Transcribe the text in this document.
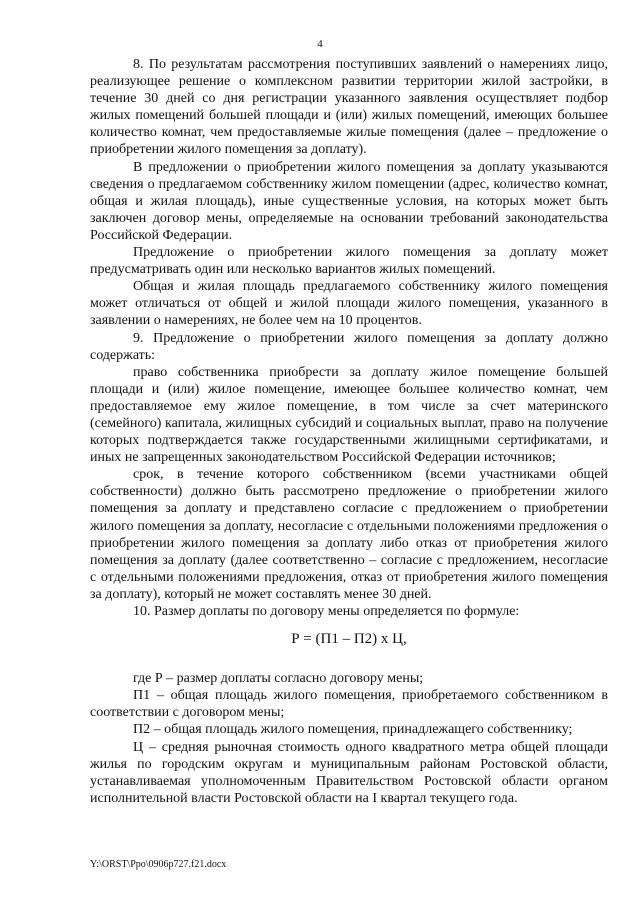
4

8. По результатам рассмотрения поступивших заявлений о намерениях лицо, реализующее решение о комплексном развитии территории жилой застройки, в течение 30 дней со дня регистрации указанного заявления осуществляет подбор жилых помещений большей площади и (или) жилых помещений, имеющих большее количество комнат, чем предоставляемые жилые помещения (далее – предложение о приобретении жилого помещения за доплату).

В предложении о приобретении жилого помещения за доплату указываются сведения о предлагаемом собственнику жилом помещении (адрес, количество комнат, общая и жилая площадь), иные существенные условия, на которых может быть заключен договор мены, определяемые на основании требований законодательства Российской Федерации.

Предложение о приобретении жилого помещения за доплату может предусматривать один или несколько вариантов жилых помещений.

Общая и жилая площадь предлагаемого собственнику жилого помещения может отличаться от общей и жилой площади жилого помещения, указанного в заявлении о намерениях, не более чем на 10 процентов.

9. Предложение о приобретении жилого помещения за доплату должно содержать:

право собственника приобрести за доплату жилое помещение большей площади и (или) жилое помещение, имеющее большее количество комнат, чем предоставляемое ему жилое помещение, в том числе за счет материнского (семейного) капитала, жилищных субсидий и социальных выплат, право на получение которых подтверждается также государственными жилищными сертификатами, и иных не запрещенных законодательством Российской Федерации источников;

срок, в течение которого собственником (всеми участниками общей собственности) должно быть рассмотрено предложение о приобретении жилого помещения за доплату и представлено согласие с предложением о приобретении жилого помещения за доплату, несогласие с отдельными положениями предложения о приобретении жилого помещения за доплату либо отказ от приобретения жилого помещения за доплату (далее соответственно – согласие с предложением, несогласие с отдельными положениями предложения, отказ от приобретения жилого помещения за доплату), который не может составлять менее 30 дней.

10. Размер доплаты по договору мены определяется по формуле:

Р = (П1 – П2) x Ц,

где Р – размер доплаты согласно договору мены;

П1 – общая площадь жилого помещения, приобретаемого собственником в соответствии с договором мены;

П2 – общая площадь жилого помещения, принадлежащего собственнику;

Ц – средняя рыночная стоимость одного квадратного метра общей площади жилья по городским округам и муниципальным районам Ростовской области, устанавливаемая уполномоченным Правительством Ростовской области органом исполнительной власти Ростовской области на I квартал текущего года.

Y:\ORST\Ppo\0906p727.f21.docx
